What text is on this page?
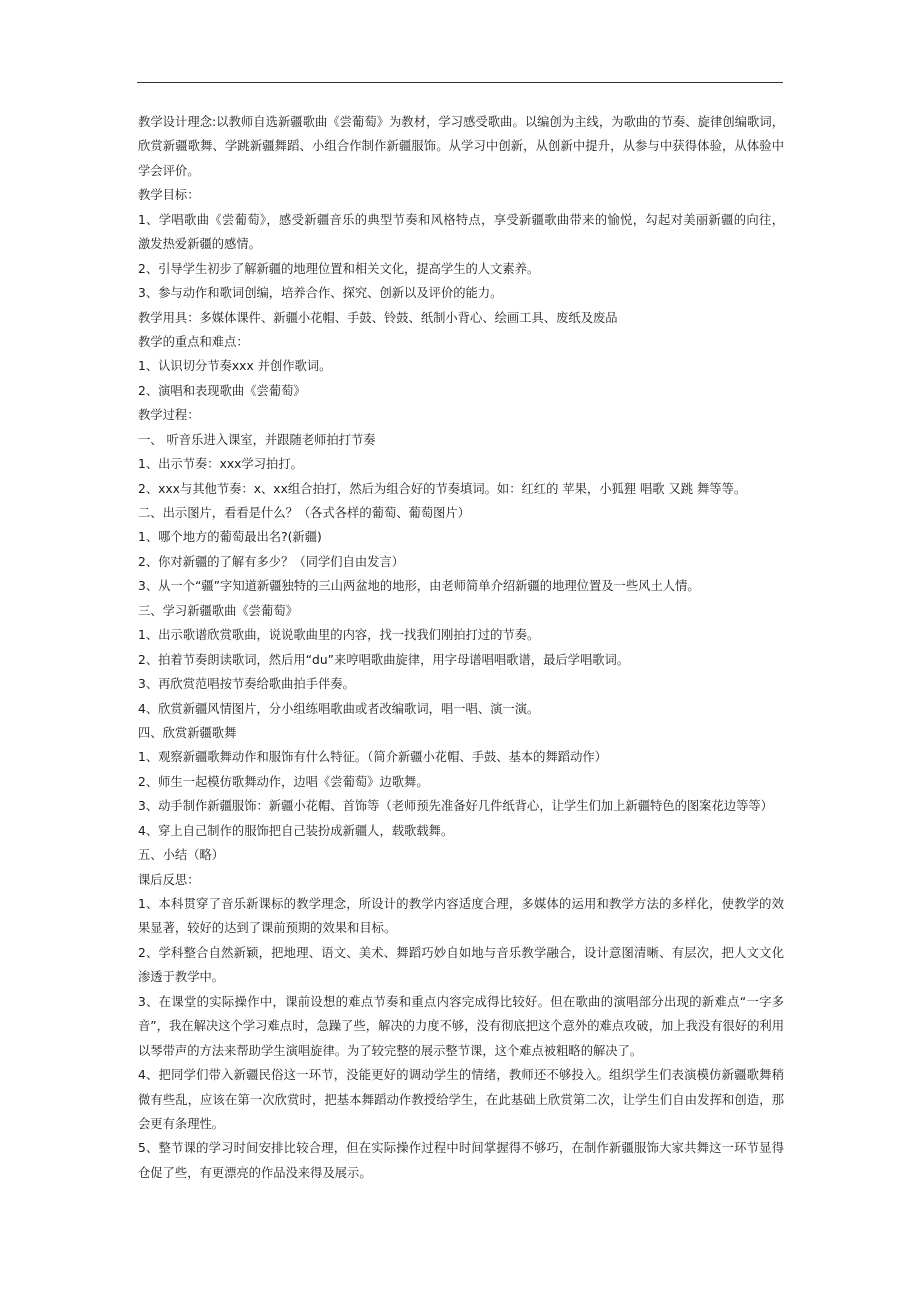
教学设计理念:以教师自选新疆歌曲《尝葡萄》为教材，学习感受歌曲。以编创为主线，为歌曲的节奏、旋律创编歌词，
欣赏新疆歌舞、学跳新疆舞蹈、小组合作制作新疆服饰。从学习中创新，从创新中提升，从参与中获得体验，从体验中
学会评价。
教学目标：
1、学唱歌曲《尝葡萄》，感受新疆音乐的典型节奏和风格特点，享受新疆歌曲带来的愉悦，勾起对美丽新疆的向往，
激发热爱新疆的感情。
2、引导学生初步了解新疆的地理位置和相关文化，提高学生的人文素养。
3、参与动作和歌词创编，培养合作、探究、创新以及评价的能力。
教学用具：多媒体课件、新疆小花帽、手鼓、铃鼓、纸制小背心、绘画工具、废纸及废品
教学的重点和难点：
1、认识切分节奏xxx 并创作歌词。
2、演唱和表现歌曲《尝葡萄》
教学过程：
一、 听音乐进入课室，并跟随老师拍打节奏
1、出示节奏：xxx学习拍打。
2、xxx与其他节奏：x、xx组合拍打，然后为组合好的节奏填词。如：红红的 苹果，小狐狸 唱歌 又跳 舞等等。
二、出示图片，看看是什么？（各式各样的葡萄、葡萄图片）
1、哪个地方的葡萄最出名?(新疆)
2、你对新疆的了解有多少？（同学们自由发言）
3、从一个“疆”字知道新疆独特的三山两盆地的地形，由老师简单介绍新疆的地理位置及一些风土人情。
三、学习新疆歌曲《尝葡萄》
1、出示歌谱欣赏歌曲，说说歌曲里的内容，找一找我们刚拍打过的节奏。
2、拍着节奏朗读歌词，然后用“du”来哼唱歌曲旋律，用字母谱唱唱歌谱，最后学唱歌词。
3、再欣赏范唱按节奏给歌曲拍手伴奏。
4、欣赏新疆风情图片，分小组练唱歌曲或者改编歌词，唱一唱、演一演。
四、欣赏新疆歌舞
1、观察新疆歌舞动作和服饰有什么特征。（简介新疆小花帽、手鼓、基本的舞蹈动作）
2、师生一起模仿歌舞动作，边唱《尝葡萄》边歌舞。
3、动手制作新疆服饰：新疆小花帽、首饰等（老师预先准备好几件纸背心，让学生们加上新疆特色的图案花边等等）
4、穿上自己制作的服饰把自己装扮成新疆人，载歌载舞。
五、小结（略）
课后反思：
1、本科贯穿了音乐新课标的教学理念，所设计的教学内容适度合理，多媒体的运用和教学方法的多样化，使教学的效
果显著，较好的达到了课前预期的效果和目标。
2、学科整合自然新颖，把地理、语文、美术、舞蹈巧妙自如地与音乐教学融合，设计意图清晰、有层次，把人文文化
渗透于教学中。
3、在课堂的实际操作中，课前设想的难点节奏和重点内容完成得比较好。但在歌曲的演唱部分出现的新难点“一字多
音”，我在解决这个学习难点时，急躁了些，解决的力度不够，没有彻底把这个意外的难点攻破，加上我没有很好的利用
以琴带声的方法来帮助学生演唱旋律。为了较完整的展示整节课，这个难点被粗略的解决了。
4、把同学们带入新疆民俗这一环节，没能更好的调动学生的情绪，教师还不够投入。组织学生们表演模仿新疆歌舞稍
微有些乱，应该在第一次欣赏时，把基本舞蹈动作教授给学生，在此基础上欣赏第二次，让学生们自由发挥和创造，那
会更有条理性。
5、整节课的学习时间安排比较合理，但在实际操作过程中时间掌握得不够巧，在制作新疆服饰大家共舞这一环节显得
仓促了些，有更漂亮的作品没来得及展示。
